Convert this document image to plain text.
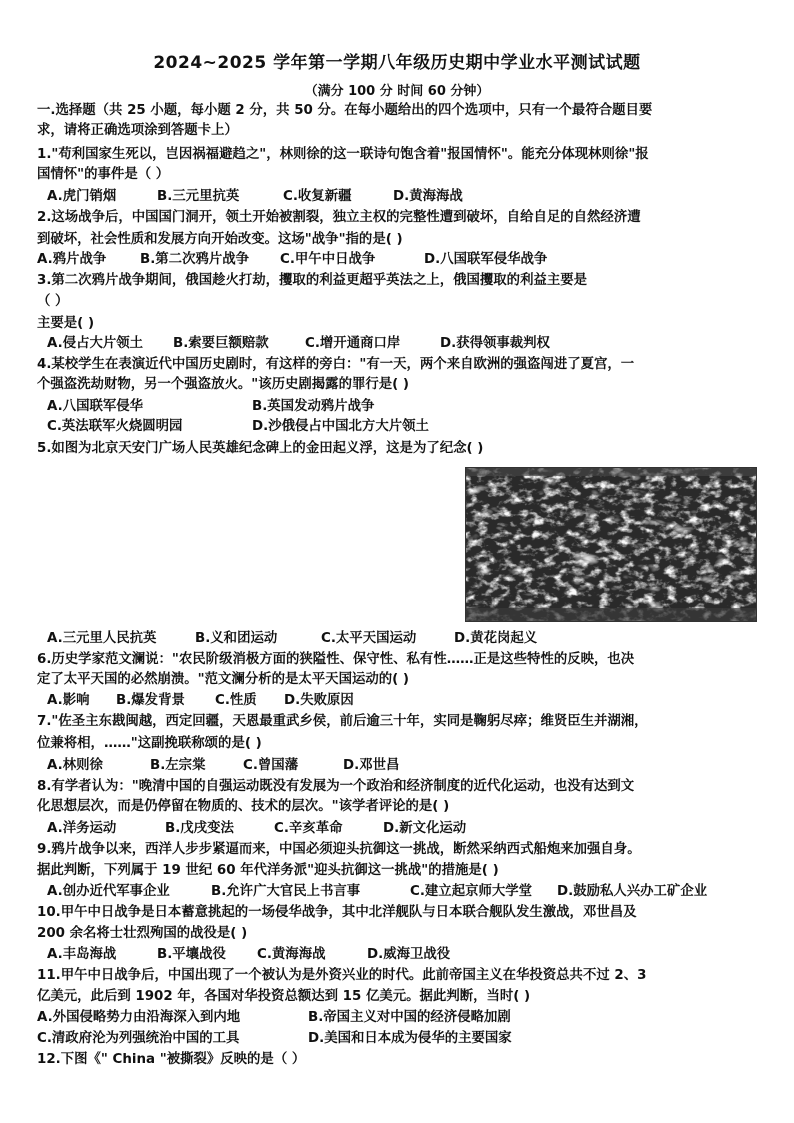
2024~2025 学年第一学期八年级历史期中学业水平测试试题
（满分 100 分 时间 60 分钟）
一.选择题（共 25 小题，每小题 2 分，共 50 分。在每小题给出的四个选项中，只有一个最符合题目要
求，请将正确选项涂到答题卡上）
1."苟利国家生死以，岂因祸福避趋之"，林则徐的这一联诗句饱含着"报国情怀"。能充分体现林则徐"报
国情怀"的事件是（ ）
A.虎门销烟	B.三元里抗英	C.收复新疆	D.黄海海战
2.这场战争后，中国国门洞开，领土开始被割裂，独立主权的完整性遭到破坏，自给自足的自然经济遭
到破坏，社会性质和发展方向开始改变。这场"战争"指的是( )
A.鸦片战争	B.第二次鸦片战争 C.甲午中日战争	D.八国联军侵华战争
3.第二次鸦片战争期间，俄国趁火打劫，攫取的利益更超乎英法之上，俄国攫取的利益主要是
（ ）
主要是( )
A.侵占大片领土 B.索要巨额赔款	C.增开通商口岸	D.获得领事裁判权
4.某校学生在表演近代中国历史剧时，有这样的旁白："有一天，两个来自欧洲的强盗闯进了夏宫，一
个强盗洗劫财物，另一个强盗放火。"该历史剧揭露的罪行是( )
A.八国联军侵华	B.英国发动鸦片战争
C.英法联军火烧圆明园	D.沙俄侵占中国北方大片领土
5.如图为北京天安门广场人民英雄纪念碑上的金田起义浮，这是为了纪念( )
A.三元里人民抗英	B.义和团运动	C.太平天国运动	D.黄花岗起义
6.历史学家范文澜说："农民阶级消极方面的狭隘性、保守性、私有性……正是这些特性的反映，也决
定了太平天国的必然崩溃。"范文澜分析的是太平天国运动的( )
A.影响 B.爆发背景 C.性质 D.失败原因
7."佐圣主东戡闽越，西定回疆，天恩最重武乡侯，前后逾三十年，实同是鞠躬尽瘁；维贤臣生并湖湘，
位兼将相，……"这副挽联称颂的是( )
A.林则徐	B.左宗棠	C.曾国藩	D.邓世昌
8.有学者认为："晚清中国的自强运动既没有发展为一个政治和经济制度的近代化运动，也没有达到文
化思想层次，而是仍停留在物质的、技术的层次。"该学者评论的是( )
A.洋务运动	B.戊戌变法	C.辛亥革命	D.新文化运动
9.鸦片战争以来，西洋人步步紧逼而来，中国必须迎头抗御这一挑战，断然采纳西式船炮来加强自身。
据此判断，下列属于 19 世纪 60 年代洋务派"迎头抗御这一挑战"的措施是( )
A.创办近代军事企业	B.允许广大官民上书言事	C.建立起京师大学堂 D.鼓励私人兴办工矿企业
10.甲午中日战争是日本蓄意挑起的一场侵华战争，其中北洋舰队与日本联合舰队发生激战，邓世昌及
200 余名将士壮烈殉国的战役是( )
A.丰岛海战	B.平壤战役 C.黄海海战	D.威海卫战役
11.甲午中日战争后，中国出现了一个被认为是外资兴业的时代。此前帝国主义在华投资总共不过 2、3
亿美元，此后到 1902 年，各国对华投资总额达到 15 亿美元。据此判断，当时( )
A.外国侵略势力由沿海深入到内地	B.帝国主义对中国的经济侵略加剧
C.清政府沦为列强统治中国的工具	D.美国和日本成为侵华的主要国家
12.下图《" China "被撕裂》反映的是（ ）
